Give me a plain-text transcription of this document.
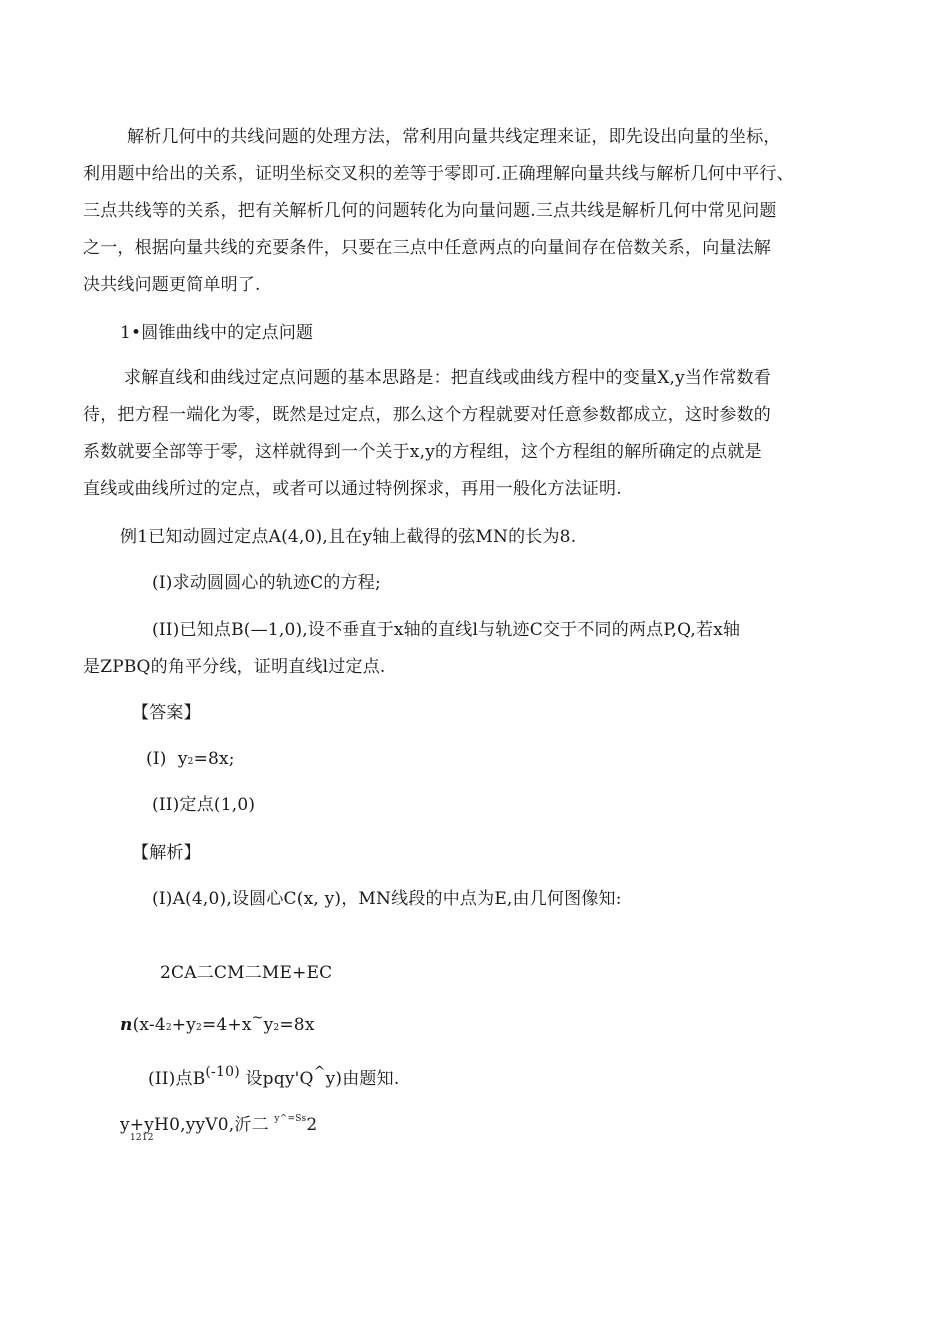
解析几何中的共线问题的处理方法，常利用向量共线定理来证，即先设出向量的坐标，
利用题中给出的关系，证明坐标交叉积的差等于零即可.正确理解向量共线与解析几何中平行、
三点共线等的关系，把有关解析几何的问题转化为向量问题.三点共线是解析几何中常见问题
之一，根据向量共线的充要条件，只要在三点中任意两点的向量间存在倍数关系，向量法解
决共线问题更简单明了.
1•圆锥曲线中的定点问题
求解直线和曲线过定点问题的基本思路是：把直线或曲线方程中的变量X,y当作常数看
待，把方程一端化为零，既然是过定点，那么这个方程就要对任意参数都成立，这时参数的
系数就要全部等于零，这样就得到一个关于x,y的方程组，这个方程组的解所确定的点就是
直线或曲线所过的定点，或者可以通过特例探求，再用一般化方法证明.
例1已知动圆过定点A(4,0),且在y轴上截得的弦MN的长为8.
(I)求动圆圆心的轨迹C的方程;
(II)已知点B(—1,0),设不垂直于x轴的直线l与轨迹C交于不同的两点P,Q,若x轴
是ZPBQ的角平分线，证明直线l过定点.
【答案】
(I) y2=8x;
(II)定点(1,0)
【解析】
(I)A(4,0),设圆心C(x, y)，MN线段的中点为E,由几何图像知:
2CA二CM二ME+EC
n(x-42+y2=4+x~y2=8x
(II)点$B^{(-10)}$ 设pqy'Q^y)由题知.
y+yH0,yyV0,沂二 $^{y\^{}=Ss}$2
1212
